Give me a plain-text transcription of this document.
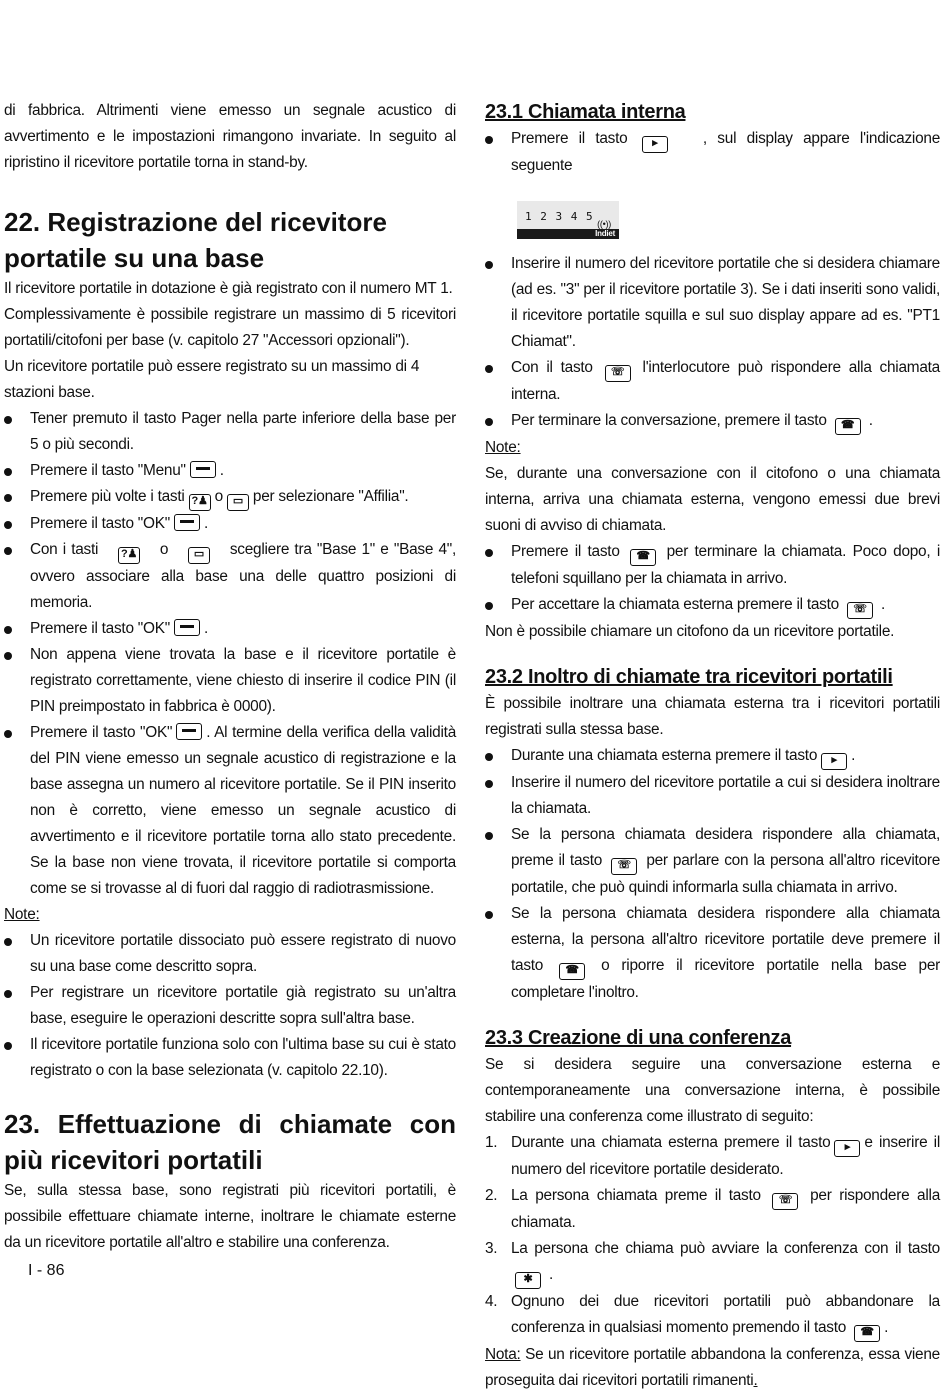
di fabbrica. Altrimenti viene emesso un segnale acustico di avvertimento e le impostazioni rimangono invariate. In seguito al ripristino il ricevitore portatile torna in stand-by.

22. Registrazione del ricevitore portatile su una base

Il ricevitore portatile in dotazione è già registrato con il numero MT 1.

Complessivamente è possibile registrare un massimo di 5 ricevitori portatili/citofoni per base (v. capitolo 27 "Accessori opzionali").

Un ricevitore portatile può essere registrato su un massimo di 4 stazioni base.

Tener premuto il tasto Pager nella parte inferiore della base per 5 o più secondi.
Premere il tasto "Menu" .
Premere più volte i tasti ?♟ o ▭ per selezionare "Affilia".
Premere il tasto "OK" .
Con i tasti ?♟ o ▭ scegliere tra "Base 1" e "Base 4", ovvero associare alla base una delle quattro posizioni di memoria.
Premere il tasto "OK" .
Non appena viene trovata la base e il ricevitore portatile è registrato correttamente, viene chiesto di inserire il codice PIN (il PIN preimpostato in fabbrica è 0000).
Premere il tasto "OK" . Al termine della verifica della validità del PIN viene emesso un segnale acustico di registrazione e la base assegna un numero al ricevitore portatile. Se il PIN inserito non è corretto, viene emesso un segnale acustico di avvertimento e il ricevitore portatile torna allo stato precedente. Se la base non viene trovata, il ricevitore portatile si comporta come se si trovasse al di fuori dal raggio di radiotrasmissione.

Note:

Un ricevitore portatile dissociato può essere registrato di nuovo su una base come descritto sopra.
Per registrare un ricevitore portatile già registrato su un'altra base, eseguire le operazioni descritte sopra sull'altra base.
Il ricevitore portatile funziona solo con l'ultima base su cui è stato registrato o con la base selezionata (v. capitolo 22.10).

23. Effettuazione di chiamate con più ricevitori portatili

Se, sulla stessa base, sono registrati più ricevitori portatili, è possibile effettuare chiamate interne, inoltrare le chiamate esterne da un ricevitore portatile all'altro e stabilire una conferenza.

I - 86

23.1 Chiamata interna

Premere il tasto ▸	, sul display appare l'indicazione seguente
1 2 3 4 5
((•))
Indiet
Inserire il numero del ricevitore portatile che si desidera chiamare (ad es. "3" per il ricevitore portatile 3). Se i dati inseriti sono validi, il ricevitore portatile squilla e sul suo display appare ad es. "PT1 Chiamat".
Con il tasto ☏ l'interlocutore può rispondere alla chiamata interna.
Per terminare la conversazione, premere il tasto ☎ .

Note:

Se, durante una conversazione con il citofono o una chiamata interna, arriva una chiamata esterna, vengono emessi due brevi suoni di avviso di chiamata.

Premere il tasto ☎ per terminare la chiamata. Poco dopo, i telefoni squillano per la chiamata in arrivo.
Per accettare la chiamata esterna premere il tasto ☏ .

Non è possibile chiamare un citofono da un ricevitore portatile.

23.2 Inoltro di chiamate tra ricevitori portatili

È possibile inoltrare una chiamata esterna tra i ricevitori portatili registrati sulla stessa base.

Durante una chiamata esterna premere il tasto ▸ .
Inserire il numero del ricevitore portatile a cui si desidera inoltrare la chiamata.
Se la persona chiamata desidera rispondere alla chiamata, preme il tasto ☏ per parlare con la persona all'altro ricevitore portatile, che può quindi informarla sulla chiamata in arrivo.
Se la persona chiamata desidera rispondere alla chiamata esterna, la persona all'altro ricevitore portatile deve premere il tasto ☎ o riporre il ricevitore portatile nella base per completare l'inoltro.

23.3 Creazione di una conferenza

Se si desidera seguire una conversazione esterna e contemporaneamente una conversazione interna, è possibile stabilire una conferenza come illustrato di seguito:

1. Durante una chiamata esterna premere il tasto ▸ e inserire il numero del ricevitore portatile desiderato.
2. La persona chiamata preme il tasto ☏ per rispondere alla chiamata.
3. La persona che chiama può avviare la conferenza con il tasto ✱ .
4. Ognuno dei due ricevitori portatili può abbandonare la conferenza in qualsiasi momento premendo il tasto ☎ .

Nota: Se un ricevitore portatile abbandona la conferenza, essa viene proseguita dai ricevitori portatili rimanenti.
